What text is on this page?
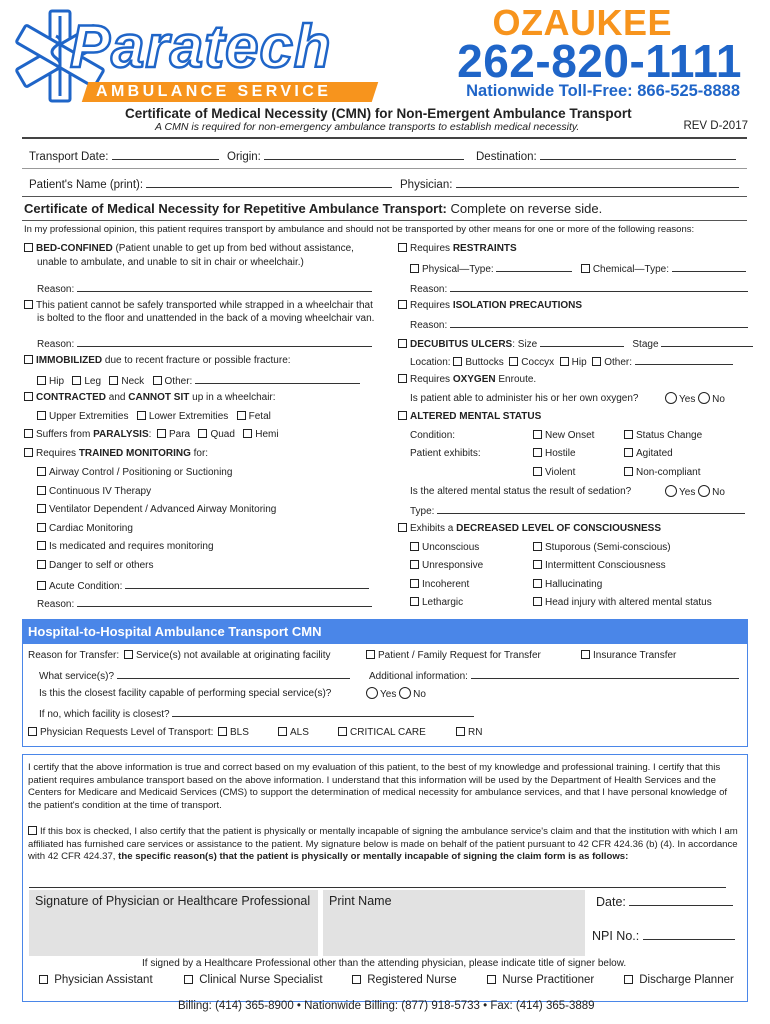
Paratech
AMBULANCE SERVICE
OZAUKEE
262-820-1111
Nationwide Toll-Free: 866-525-8888
Certificate of Medical Necessity (CMN) for Non-Emergent Ambulance Transport
A CMN is required for non-emergency ambulance transports to establish medical necessity.	REV D-2017
Transport Date:	Origin:	Destination:
Patient's Name (print):	Physician:
Certificate of Medical Necessity for Repetitive Ambulance Transport: Complete on reverse side.
In my professional opinion, this patient requires transport by ambulance and should not be transported by other means for one or more of the following reasons:
BED-CONFINED (Patient unable to get up from bed without assistance,
unable to ambulate, and unable to sit in chair or wheelchair.)
Reason:
This patient cannot be safely transported while strapped in a wheelchair that
is bolted to the floor and unattended in the back of a moving wheelchair van.
Reason:
IMMOBILIZED due to recent fracture or possible fracture:
Hip Leg Neck Other:
CONTRACTED and CANNOT SIT up in a wheelchair:
Upper Extremities Lower Extremities Fetal
Suffers from PARALYSIS:  Para Quad Hemi
Requires TRAINED MONITORING for:
Airway Control / Positioning or Suctioning
Continuous IV Therapy
Ventilator Dependent / Advanced Airway Monitoring
Cardiac Monitoring
Is medicated and requires monitoring
Danger to self or others
Acute Condition:
Reason:
Requires RESTRAINTS
Physical—Type:	Chemical—Type:
Reason:
Requires ISOLATION PRECAUTIONS
Reason:
DECUBITUS ULCERS: Size	Stage
Location: Buttocks Coccyx Hip Other:
Requires OXYGEN Enroute.
Is patient able to administer his or her own oxygen?	Yes No
ALTERED MENTAL STATUS
Condition:	New Onset	Status Change
Patient exhibits:	Hostile	Agitated
Violent	Non-compliant
Is the altered mental status the result of sedation?	Yes No
Type:
Exhibits a DECREASED LEVEL OF CONSCIOUSNESS
Unconscious	Stuporous (Semi-conscious)
Unresponsive	Intermittent Consciousness
Incoherent	Hallucinating
Lethargic	Head injury with altered mental status
Hospital-to-Hospital Ambulance Transport CMN
Reason for Transfer:	Service(s) not available at originating facility	Patient / Family Request for Transfer	Insurance Transfer
What service(s)?	Additional information:
Is this the closest facility capable of performing special service(s)?	Yes No
If no, which facility is closest?
Physician Requests Level of Transport:	BLS	ALS	CRITICAL CARE	RN
I certify that the above information is true and correct based on my evaluation of this patient, to the best of my knowledge and professional training. I certify that this patient requires ambulance transport based on the above information. I understand that this information will be used by the Department of Health Services and the Centers for Medicare and Medicaid Services (CMS) to support the determination of medical necessity for ambulance services, and that I have personal knowledge of the patient's condition at the time of transport.
If this box is checked, I also certify that the patient is physically or mentally incapable of signing the ambulance service's claim and that the institution with which I am affiliated has furnished care services or assistance to the patient. My signature below is made on behalf of the patient pursuant to 42 CFR 424.36 (b) (4). In accordance with 42 CFR 424.37, the specific reason(s) that the patient is physically or mentally incapable of signing the claim form is as follows:
Signature of Physician or Healthcare Professional Print Name	Date:
NPI No.:
If signed by a Healthcare Professional other than the attending physician, please indicate title of signer below.
Physician Assistant	Clinical Nurse Specialist	Registered Nurse	Nurse Practitioner	Discharge Planner
Billing: (414) 365-8900 • Nationwide Billing: (877) 918-5733 • Fax: (414) 365-3889
